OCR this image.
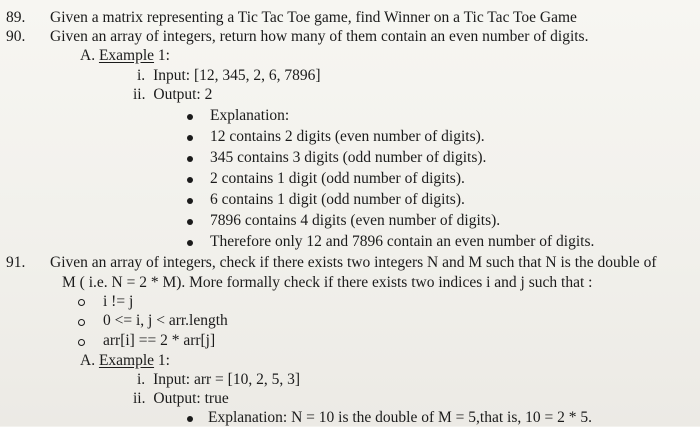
89. Given a matrix representing a Tic Tac Toe game, find Winner on a Tic Tac Toe Game
90. Given an array of integers, return how many of them contain an even number of digits.
A. Example 1:
i. Input: [12, 345, 2, 6, 7896]
ii. Output: 2
Explanation:
12 contains 2 digits (even number of digits).
345 contains 3 digits (odd number of digits).
2 contains 1 digit (odd number of digits).
6 contains 1 digit (odd number of digits).
7896 contains 4 digits (even number of digits).
Therefore only 12 and 7896 contain an even number of digits.
91. Given an array of integers, check if there exists two integers N and M such that N is the double of
M ( i.e. N = 2 * M). More formally check if there exists two indices i and j such that :
i != j
0 <= i, j < arr.length
arr[i] == 2 * arr[j]
A. Example 1:
i. Input: arr = [10, 2, 5, 3]
ii. Output: true
Explanation: N = 10 is the double of M = 5,that is, 10 = 2 * 5.
